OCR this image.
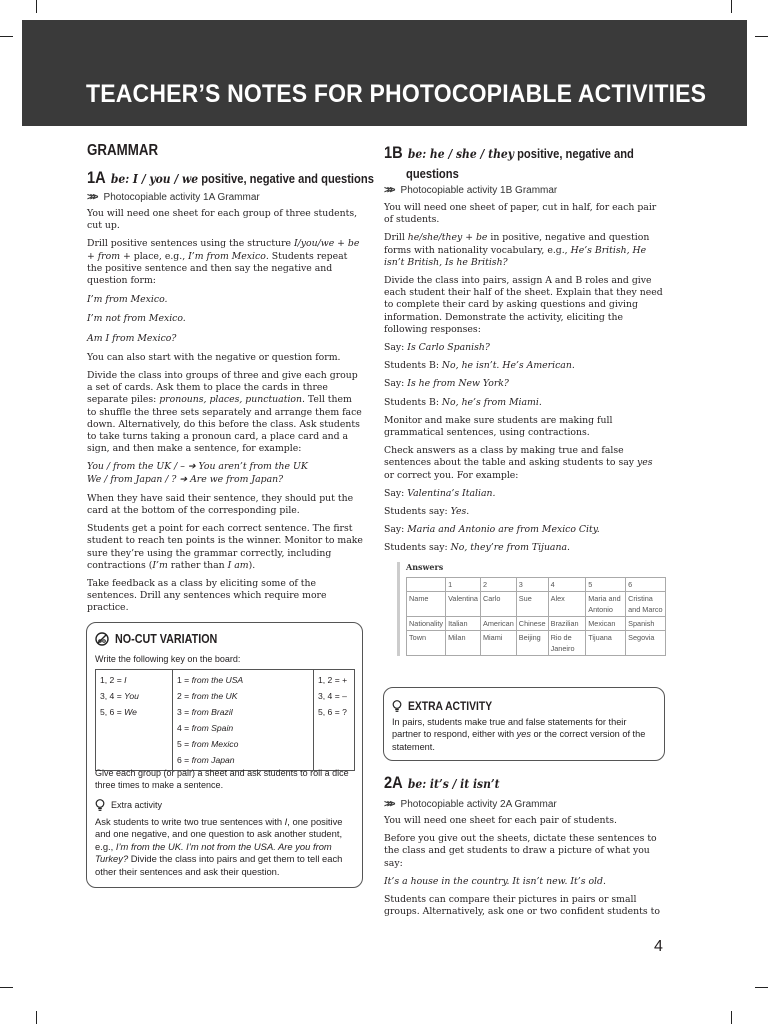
TEACHER’S NOTES FOR PHOTOCOPIABLE ACTIVITIES
GRAMMAR
1A be: I / you / we positive, negative and questions
>>> Photocopiable activity 1A Grammar

You will need one sheet for each group of three students, cut up.

Drill positive sentences using the structure I/you/we + be + from + place, e.g., I’m from Mexico. Students repeat the positive sentence and then say the negative and question form:

I’m from Mexico.

I’m not from Mexico.

Am I from Mexico?

You can also start with the negative or question form.

Divide the class into groups of three and give each group a set of cards. Ask them to place the cards in three separate piles: pronouns, places, punctuation. Tell them to shuffle the three sets separately and arrange them face down. Alternatively, do this before the class. Ask students to take turns taking a pronoun card, a place card and a sign, and then make a sentence, for example:

You / from the UK / – ➔ You aren’t from the UK

We / from Japan / ? ➔ Are we from Japan?

When they have said their sentence, they should put the card at the bottom of the corresponding pile.

Students get a point for each correct sentence. The first student to reach ten points is the winner. Monitor to make sure they’re using the grammar correctly, including contractions (I’m rather than I am).

Take feedback as a class by eliciting some of the sentences. Drill any sentences which require more practice.

NO-CUT VARIATION
Write the following key on the board:
1, 2 = I
3, 4 = You
5, 6 = We

1 = from the USA
2 = from the UK
3 = from Brazil
4 = from Spain
5 = from Mexico
6 = from Japan

1, 2 = +
3, 4 = –
5, 6 = ?
Give each group (or pair) a sheet and ask students to roll a dice three times to make a sentence.
Extra activity
Ask students to write two true sentences with I, one positive and one negative, and one question to ask another student, e.g., I’m from the UK. I’m not from the USA. Are you from Turkey? Divide the class into pairs and get them to tell each other their sentences and ask their question.
1B be: he / she / they positive, negative and
questions
>>> Photocopiable activity 1B Grammar

You will need one sheet of paper, cut in half, for each pair of students.

Drill he/she/they + be in positive, negative and question forms with nationality vocabulary, e.g., He’s British, He isn’t British, Is he British?

Divide the class into pairs, assign A and B roles and give each student their half of the sheet. Explain that they need to complete their card by asking questions and giving information. Demonstrate the activity, eliciting the following responses:

Say: Is Carlo Spanish?

Students B: No, he isn’t. He’s American.

Say: Is he from New York?

Students B: No, he’s from Miami.

Monitor and make sure students are making full grammatical sentences, using contractions.

Check answers as a class by making true and false sentences about the table and asking students to say yes or correct you. For example:

Say: Valentina’s Italian.

Students say: Yes.

Say: Maria and Antonio are from Mexico City.

Students say: No, they’re from Tijuana.

Answers
	1	2	3	4	5	6
Name	Valentina	Carlo	Sue	Alex	Maria and Antonio	Cristina and Marco
Nationality	Italian	American	Chinese	Brazilian	Mexican	Spanish
Town	Milan	Miami	Beijing	Rio de Janeiro	Tijuana	Segovia
EXTRA ACTIVITY
In pairs, students make true and false statements for their partner to respond, either with yes or the correct version of the statement.
2A be: it’s / it isn’t
>>> Photocopiable activity 2A Grammar

You will need one sheet for each pair of students.

Before you give out the sheets, dictate these sentences to the class and get students to draw a picture of what you say:

It’s a house in the country. It isn’t new. It’s old.

Students can compare their pictures in pairs or small groups. Alternatively, ask one or two confident students to

4
